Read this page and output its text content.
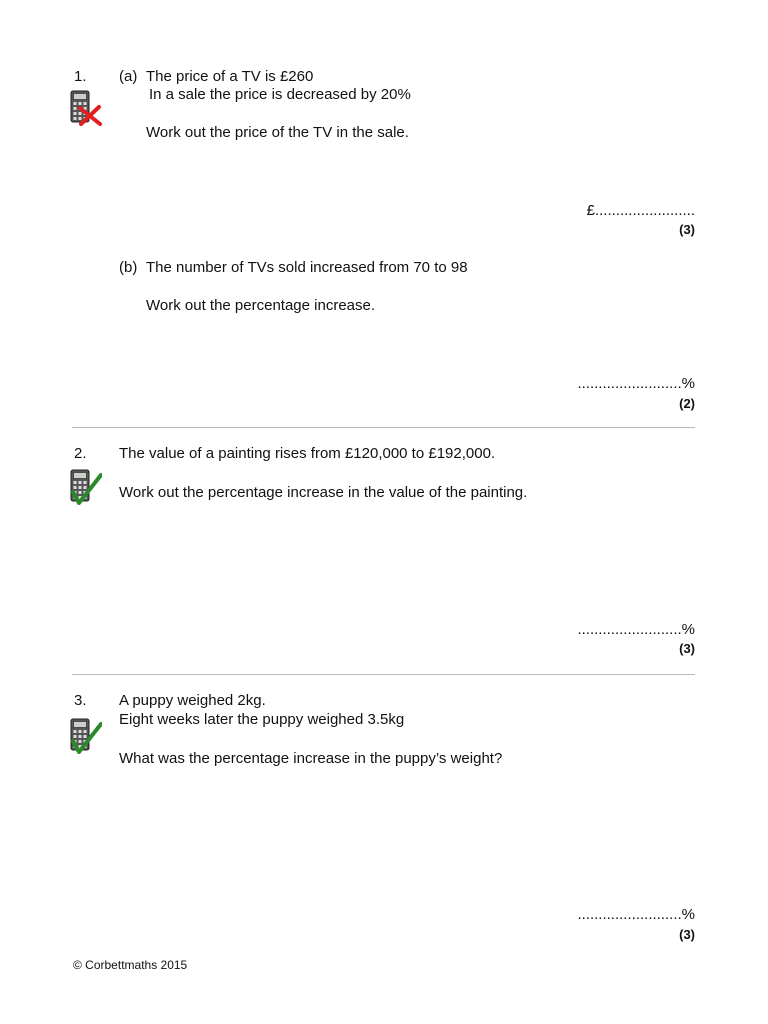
1. (a) The price of a TV is £260
In a sale the price is decreased by 20%
Work out the price of the TV in the sale.
£........................
(3)
(b) The number of TVs sold increased from 70 to 98
Work out the percentage increase.
.........................%
(2)
2. The value of a painting rises from £120,000 to £192,000.
Work out the percentage increase in the value of the painting.
.........................%
(3)
3. A puppy weighed 2kg.
Eight weeks later the puppy weighed 3.5kg
What was the percentage increase in the puppy’s weight?
.........................%
(3)
© Corbettmaths 2015
